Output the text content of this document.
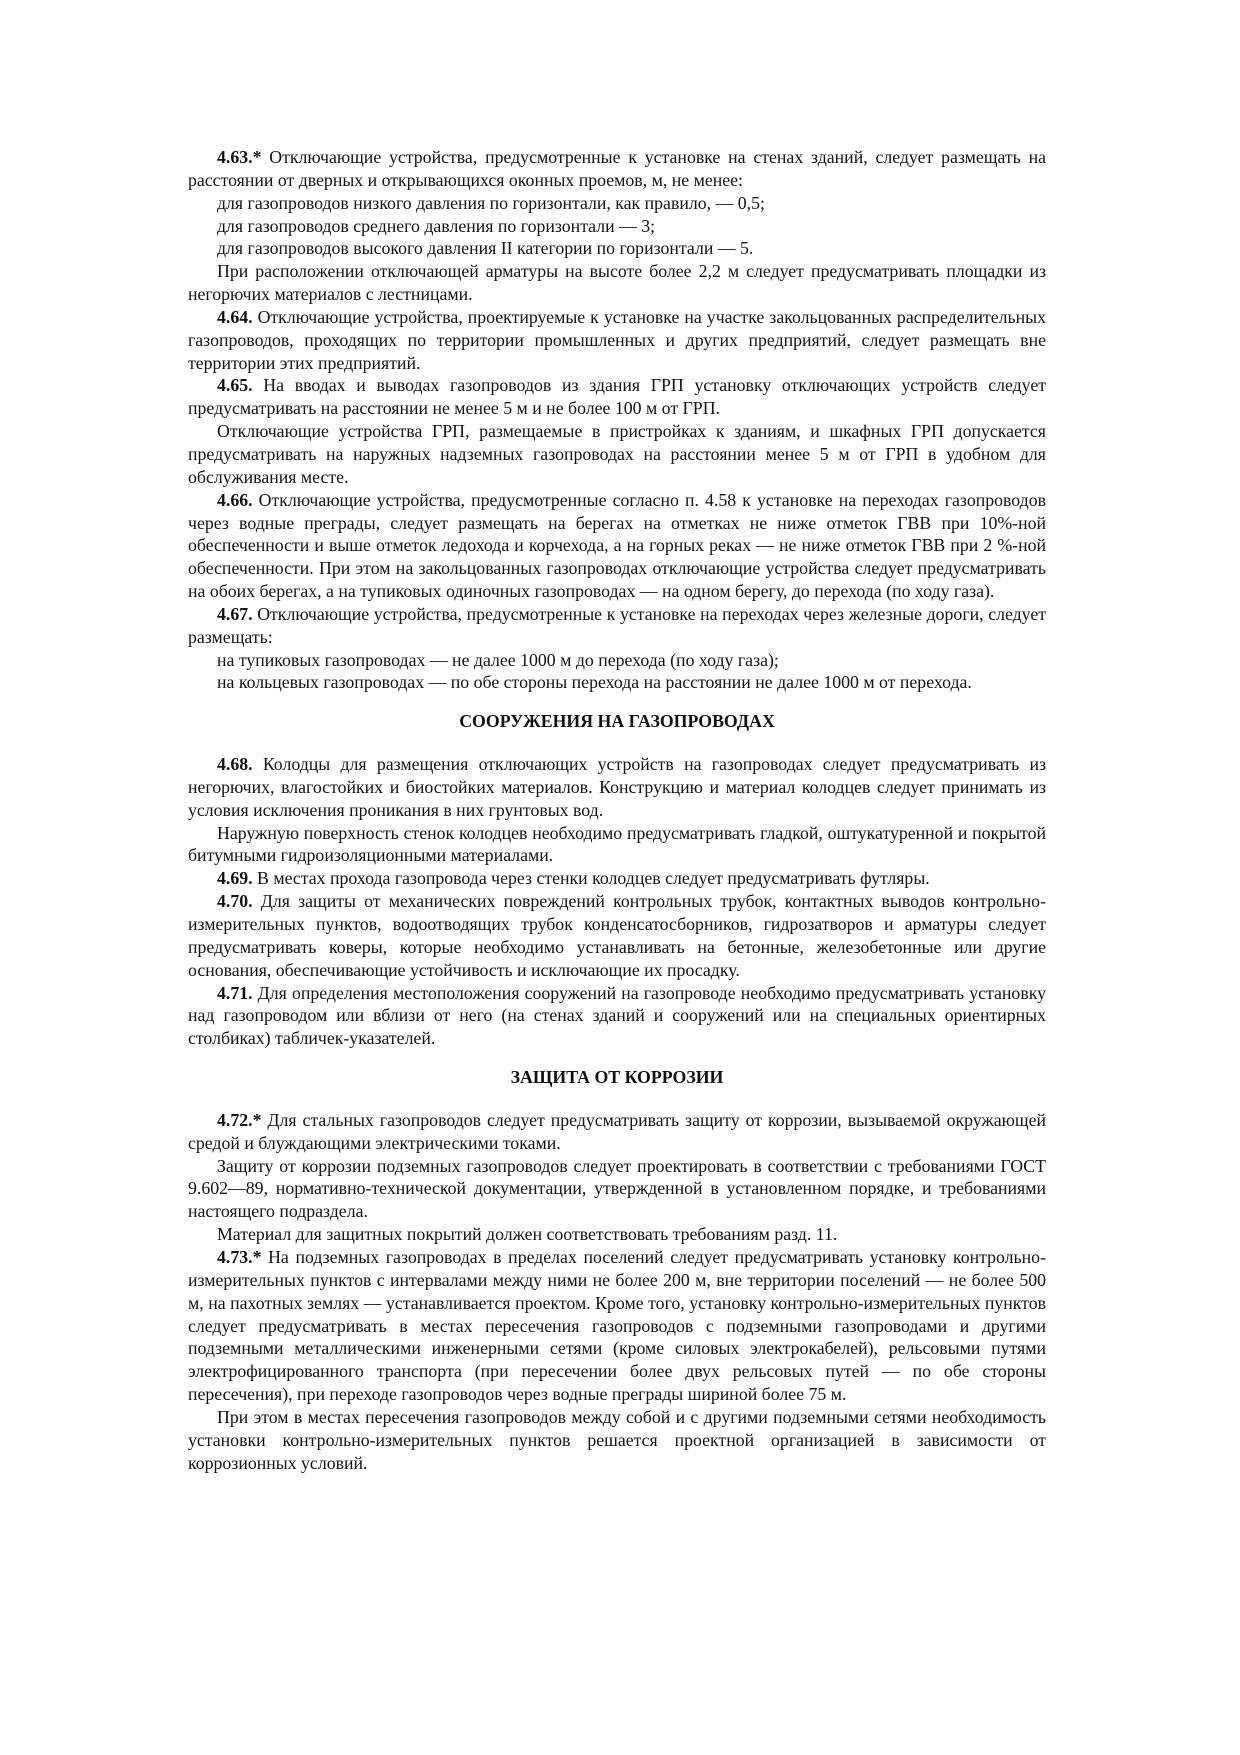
4.63.* Отключающие устройства, предусмотренные к установке на стенах зданий, следует размещать на расстоянии от дверных и открывающихся оконных проемов, м, не менее:

для газопроводов низкого давления по горизонтали, как правило, — 0,5;

для газопроводов среднего давления по горизонтали — 3;

для газопроводов высокого давления II категории по горизонтали — 5.

При расположении отключающей арматуры на высоте более 2,2 м следует предусматривать площадки из негорючих материалов с лестницами.

4.64. Отключающие устройства, проектируемые к установке на участке закольцованных распределительных газопроводов, проходящих по территории промышленных и других предприятий, следует размещать вне территории этих предприятий.

4.65. На вводах и выводах газопроводов из здания ГРП установку отключающих устройств следует предусматривать на расстоянии не менее 5 м и не более 100 м от ГРП.

Отключающие устройства ГРП, размещаемые в пристройках к зданиям, и шкафных ГРП допускается предусматривать на наружных надземных газопроводах на расстоянии менее 5 м от ГРП в удобном для обслуживания месте.

4.66. Отключающие устройства, предусмотренные согласно п. 4.58 к установке на переходах газопроводов через водные преграды, следует размещать на берегах на отметках не ниже отметок ГВВ при 10%-ной обеспеченности и выше отметок ледохода и корчехода, а на горных реках — не ниже отметок ГВВ при 2 %-ной обеспеченности. При этом на закольцованных газопроводах отключающие устройства следует предусматривать на обоих берегах, а на тупиковых одиночных газопроводах — на одном берегу, до перехода (по ходу газа).

4.67. Отключающие устройства, предусмотренные к установке на переходах через железные дороги, следует размещать:

на тупиковых газопроводах — не далее 1000 м до перехода (по ходу газа);

на кольцевых газопроводах — по обе стороны перехода на расстоянии не далее 1000 м от перехода.

СООРУЖЕНИЯ НА ГАЗОПРОВОДАХ

4.68. Колодцы для размещения отключающих устройств на газопроводах следует предусматривать из негорючих, влагостойких и биостойких материалов. Конструкцию и материал колодцев следует принимать из условия исключения проникания в них грунтовых вод.

Наружную поверхность стенок колодцев необходимо предусматривать гладкой, оштукатуренной и покрытой битумными гидроизоляционными материалами.

4.69. В местах прохода газопровода через стенки колодцев следует предусматривать футляры.

4.70. Для защиты от механических повреждений контрольных трубок, контактных выводов контрольно-измерительных пунктов, водоотводящих трубок конденсатосборников, гидрозатворов и арматуры следует предусматривать коверы, которые необходимо устанавливать на бетонные, железобетонные или другие основания, обеспечивающие устойчивость и исключающие их просадку.

4.71. Для определения местоположения сооружений на газопроводе необходимо предусматривать установку над газопроводом или вблизи от него (на стенах зданий и сооружений или на специальных ориентирных столбиках) табличек-указателей.

ЗАЩИТА ОТ КОРРОЗИИ

4.72.* Для стальных газопроводов следует предусматривать защиту от коррозии, вызываемой окружающей средой и блуждающими электрическими токами.

Защиту от коррозии подземных газопроводов следует проектировать в соответствии с требованиями ГОСТ 9.602—89, нормативно-технической документации, утвержденной в установленном порядке, и требованиями настоящего подраздела.

Материал для защитных покрытий должен соответствовать требованиям разд. 11.

4.73.* На подземных газопроводах в пределах поселений следует предусматривать установку контрольно-измерительных пунктов с интервалами между ними не более 200 м, вне территории поселений — не более 500 м, на пахотных землях — устанавливается проектом. Кроме того, установку контрольно-измерительных пунктов следует предусматривать в местах пересечения газопроводов с подземными газопроводами и другими подземными металлическими инженерными сетями (кроме силовых электрокабелей), рельсовыми путями электрофицированного транспорта (при пересечении более двух рельсовых путей — по обе стороны пересечения), при переходе газопроводов через водные преграды шириной более 75 м.

При этом в местах пересечения газопроводов между собой и с другими подземными сетями необходимость установки контрольно-измерительных пунктов решается проектной организацией в зависимости от коррозионных условий.
